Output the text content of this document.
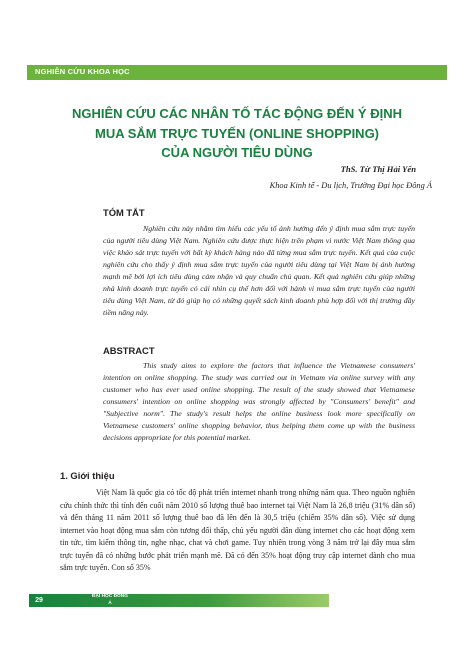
NGHIÊN CỨU KHOA HỌC
NGHIÊN CỨU CÁC NHÂN TỐ TÁC ĐỘNG ĐẾN Ý ĐỊNH
MUA SẮM TRỰC TUYẾN (ONLINE SHOPPING)
CỦA NGƯỜI TIÊU DÙNG
ThS. Từ Thị Hải Yến
Khoa Kinh tế - Du lịch, Trường Đại học Đông Á
TÓM TẮT

Nghiên cứu này nhằm tìm hiểu các yếu tố ảnh hưởng đến ý định mua sắm trực tuyến của người tiêu dùng Việt Nam. Nghiên cứu được thực hiện trên phạm vi nước Việt Nam thông qua việc khảo sát trực tuyến với bất kỳ khách hàng nào đã từng mua sắm trực tuyến. Kết quả của cuộc nghiên cứu cho thấy ý định mua sắm trực tuyến của người tiêu dùng tại Việt Nam bị ảnh hưởng mạnh mẽ bởi lợi ích tiêu dùng cảm nhận và quy chuẩn chủ quan. Kết quả nghiên cứu giúp những nhà kinh doanh trực tuyến có cái nhìn cụ thể hơn đối với hành vi mua sắm trực tuyến của người tiêu dùng Việt Nam, từ đó giúp họ có những quyết sách kinh doanh phù hợp đối với thị trường đầy tiềm năng này.

ABSTRACT

This study aims to explore the factors that influence the Vietnamese consumers' intention on online shopping. The study was carried out in Vietnam via online survey with any customer who has ever used online shopping. The result of the study showed that Vietnamese consumers' intention on online shopping was strongly affected by "Consumers' benefit" and "Subjective norm". The study's result helps the online business look more specifically on Vietnamese customers' online shopping behavior, thus helping them come up with the business decisions appropriate for this potential market.

1. Giới thiệu

Việt Nam là quốc gia có tốc độ phát triển internet nhanh trong những năm qua. Theo nguồn nghiên cứu chính thức thì tính đến cuối năm 2010 số lượng thuê bao internet tại Việt Nam là 26,8 triệu (31% dân số) và đến tháng 11 năm 2011 số lượng thuê bao đã lên đến là 30,5 triệu (chiếm 35% dân số). Việc sử dụng internet vào hoạt động mua sắm còn tương đối thấp, chủ yếu người dân dùng internet cho các hoạt động xem tin tức, tìm kiếm thông tin, nghe nhạc, chat và chơi game. Tuy nhiên trong vòng 3 năm trở lại đây mua sắm trực tuyến đã có những bước phát triển mạnh mẽ. Đã có đến 35% hoạt động truy cập internet dành cho mua sắm trực tuyến. Con số 35%

29
ĐẠI HỌC ĐÔNG Á
2015
